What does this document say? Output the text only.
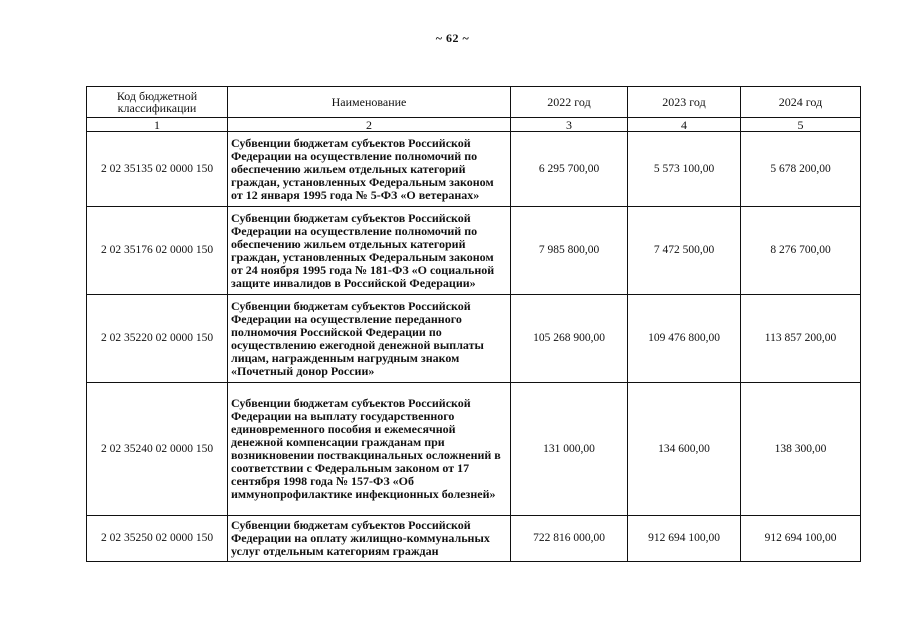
~ 62 ~
Код бюджетной классификации	Наименование	2022 год	2023 год	2024 год
1	2	3	4	5
2 02 35135 02 0000 150	Субвенции бюджетам субъектов Российской Федерации на осуществление полномочий по обеспечению жильем отдельных категорий граждан, установленных Федеральным законом от 12 января 1995 года № 5-ФЗ «О ветеранах»	6 295 700,00	5 573 100,00	5 678 200,00
2 02 35176 02 0000 150	Субвенции бюджетам субъектов Российской Федерации на осуществление полномочий по обеспечению жильем отдельных категорий граждан, установленных Федеральным законом от 24 ноября 1995 года № 181-ФЗ «О социальной защите инвалидов в Российской Федерации»	7 985 800,00	7 472 500,00	8 276 700,00
2 02 35220 02 0000 150	Субвенции бюджетам субъектов Российской Федерации на осуществление переданного полномочия Российской Федерации по осуществлению ежегодной денежной выплаты лицам, награжденным нагрудным знаком «Почетный донор России»	105 268 900,00	109 476 800,00	113 857 200,00
2 02 35240 02 0000 150	Субвенции бюджетам субъектов Российской Федерации на выплату государственного единовременного пособия и ежемесячной денежной компенсации гражданам при возникновении поствакцинальных осложнений в соответствии с Федеральным законом от 17 сентября 1998 года № 157-ФЗ «Об иммунопрофилактике инфекционных болезней»	131 000,00	134 600,00	138 300,00
2 02 35250 02 0000 150	Субвенции бюджетам субъектов Российской Федерации на оплату жилищно-коммунальных услуг отдельным категориям граждан	722 816 000,00	912 694 100,00	912 694 100,00
